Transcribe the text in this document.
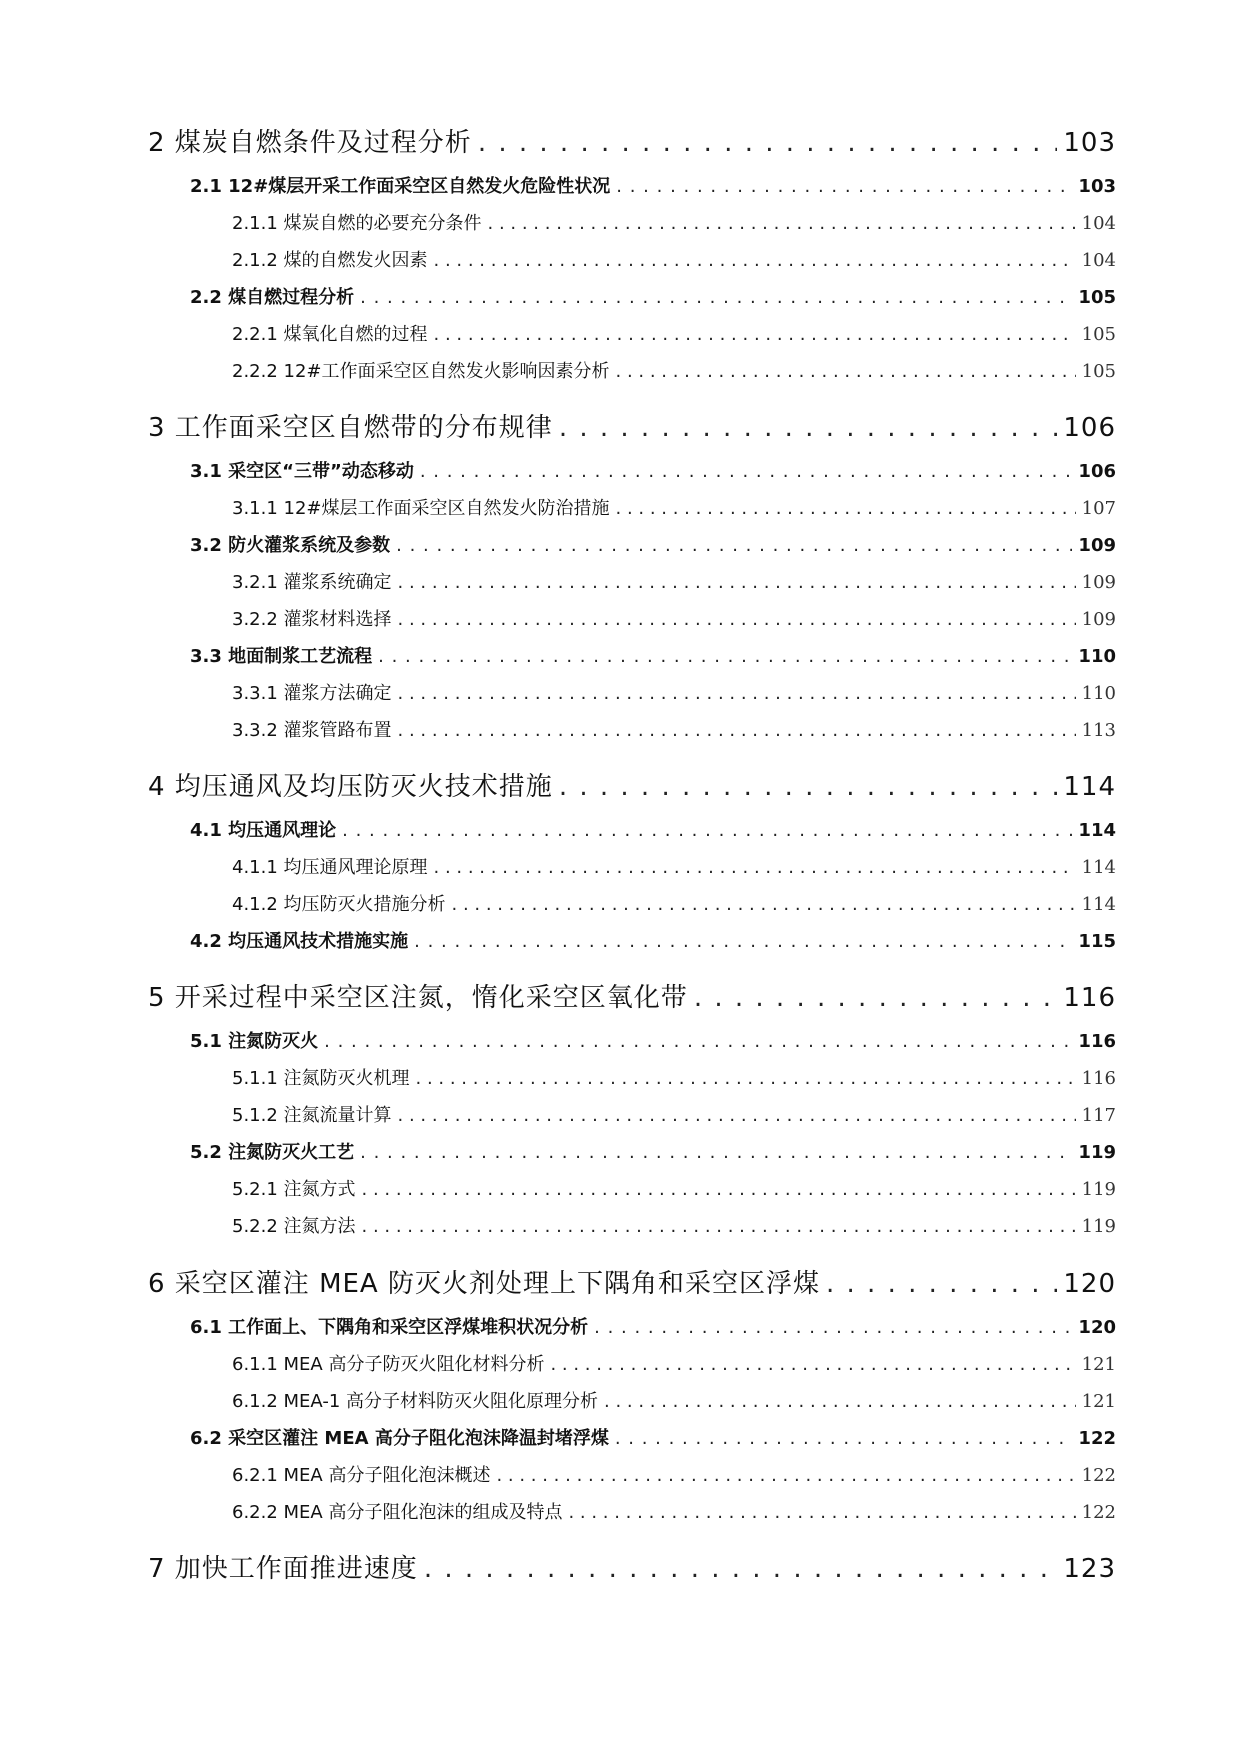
2 煤炭自燃条件及过程分析 . . .	103
2.1 12#煤层开采工作面采空区自然发火危险性状况 . . .	103
2.1.1 煤炭自燃的必要充分条件 . . .	104
2.1.2 煤的自燃发火因素 . . .	104
2.2 煤自燃过程分析 . . .	105
2.2.1 煤氧化自燃的过程 . . .	105
2.2.2 12#工作面采空区自然发火影响因素分析 . . .	105
3 工作面采空区自燃带的分布规律 . . .	106
3.1 采空区“三带”动态移动 . . .	106
3.1.1 12#煤层工作面采空区自然发火防治措施 . . .	107
3.2 防火灌浆系统及参数 . . .	109
3.2.1 灌浆系统确定 . . .	109
3.2.2 灌浆材料选择 . . .	109
3.3 地面制浆工艺流程 . . .	110
3.3.1 灌浆方法确定 . . .	110
3.3.2 灌浆管路布置 . . .	113
4 均压通风及均压防灭火技术措施 . . .	114
4.1 均压通风理论 . . .	114
4.1.1 均压通风理论原理 . . .	114
4.1.2 均压防灭火措施分析 . . .	114
4.2 均压通风技术措施实施 . . .	115
5 开采过程中采空区注氮，惰化采空区氧化带 . . .	116
5.1 注氮防灭火 . . .	116
5.1.1 注氮防灭火机理 . . .	116
5.1.2 注氮流量计算 . . .	117
5.2 注氮防灭火工艺 . . .	119
5.2.1 注氮方式 . . .	119
5.2.2 注氮方法 . . .	119
6 采空区灌注 MEA 防灭火剂处理上下隅角和采空区浮煤 . . .	120
6.1 工作面上、下隅角和采空区浮煤堆积状况分析 . . .	120
6.1.1 MEA 高分子防灭火阻化材料分析 . . .	121
6.1.2 MEA-1 高分子材料防灭火阻化原理分析 . . .	121
6.2 采空区灌注 MEA 高分子阻化泡沫降温封堵浮煤 . . .	122
6.2.1 MEA 高分子阻化泡沫概述 . . .	122
6.2.2 MEA 高分子阻化泡沫的组成及特点 . . .	122
7 加快工作面推进速度 . . .	123
